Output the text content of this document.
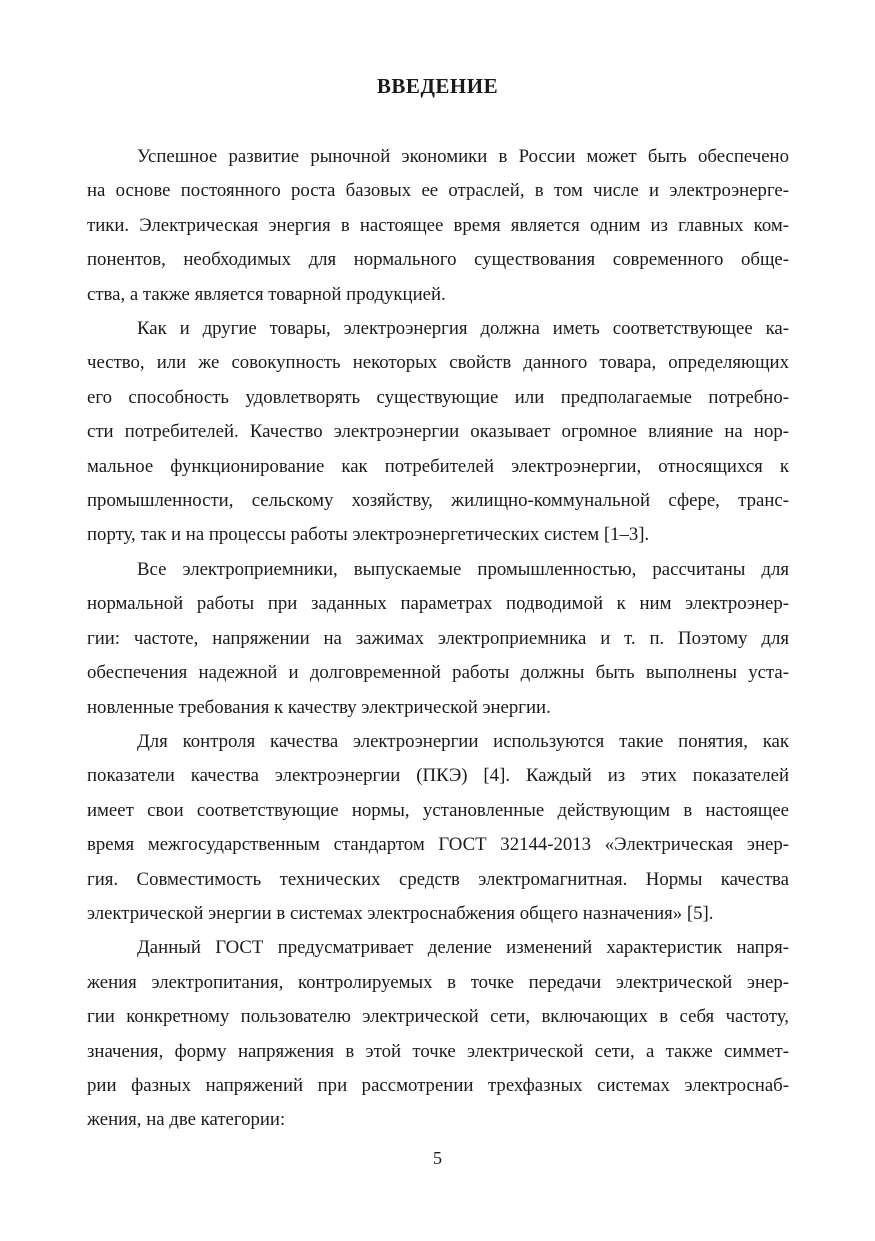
ВВЕДЕНИЕ

Успешное развитие рыночной экономики в России может быть обеспечено
на основе постоянного роста базовых ее отраслей, в том числе и электроэнерге-
тики. Электрическая энергия в настоящее время является одним из главных ком-
понентов, необходимых для нормального существования современного обще-
ства, а также является товарной продукцией.

Как и другие товары, электроэнергия должна иметь соответствующее ка-
чество, или же совокупность некоторых свойств данного товара, определяющих
его способность удовлетворять существующие или предполагаемые потребно-
сти потребителей. Качество электроэнергии оказывает огромное влияние на нор-
мальное функционирование как потребителей электроэнергии, относящихся к
промышленности, сельскому хозяйству, жилищно-коммунальной сфере, транс-
порту, так и на процессы работы электроэнергетических систем [1–3].

Все электроприемники, выпускаемые промышленностью, рассчитаны для
нормальной работы при заданных параметрах подводимой к ним электроэнер-
гии: частоте, напряжении на зажимах электроприемника и т. п. Поэтому для
обеспечения надежной и долговременной работы должны быть выполнены уста-
новленные требования к качеству электрической энергии.

Для контроля качества электроэнергии используются такие понятия, как
показатели качества электроэнергии (ПКЭ) [4]. Каждый из этих показателей
имеет свои соответствующие нормы, установленные действующим в настоящее
время межгосударственным стандартом ГОСТ 32144-2013 «Электрическая энер-
гия. Совместимость технических средств электромагнитная. Нормы качества
электрической энергии в системах электроснабжения общего назначения» [5].

Данный ГОСТ предусматривает деление изменений характеристик напря-
жения электропитания, контролируемых в точке передачи электрической энер-
гии конкретному пользователю электрической сети, включающих в себя частоту,
значения, форму напряжения в этой точке электрической сети, а также симмет-
рии фазных напряжений при рассмотрении трехфазных системах электроснаб-
жения, на две категории:

5
